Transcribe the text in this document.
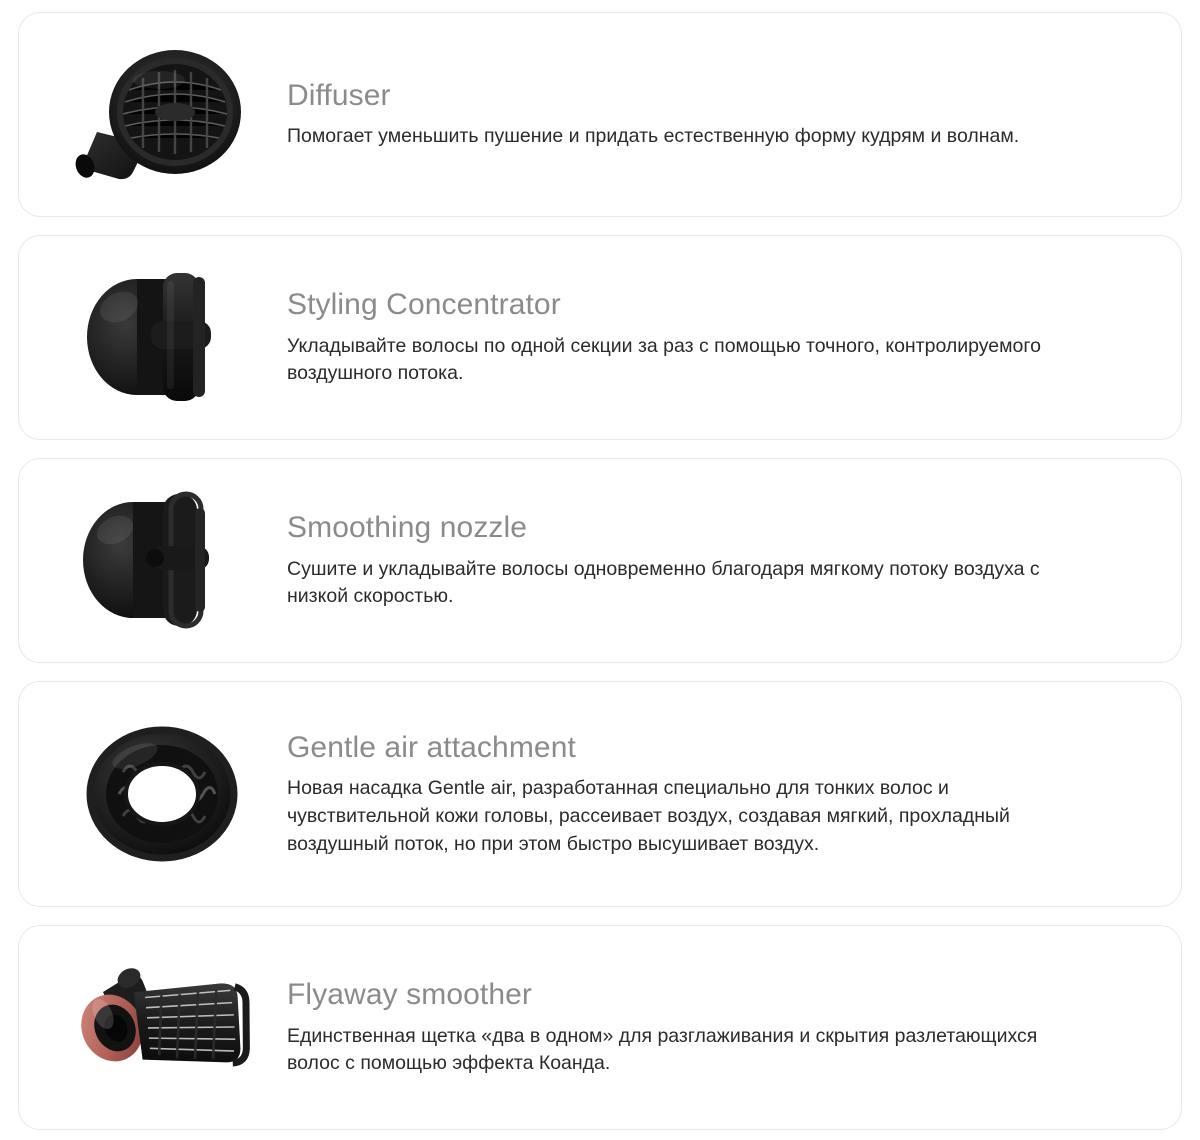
Diffuser

Помогает уменьшить пушение и придать естественную форму кудрям и волнам.

Styling Concentrator

Укладывайте волосы по одной секции за раз с помощью точного, контролируемого воздушного потока.

Smoothing nozzle

Сушите и укладывайте волосы одновременно благодаря мягкому потоку воздуха с низкой скоростью.

Gentle air attachment

Новая насадка Gentle air, разработанная специально для тонких волос и чувствительной кожи головы, рассеивает воздух, создавая мягкий, прохладный воздушный поток, но при этом быстро высушивает воздух.

Flyaway smoother

Единственная щетка «два в одном» для разглаживания и скрытия разлетающихся волос с помощью эффекта Коанда.
